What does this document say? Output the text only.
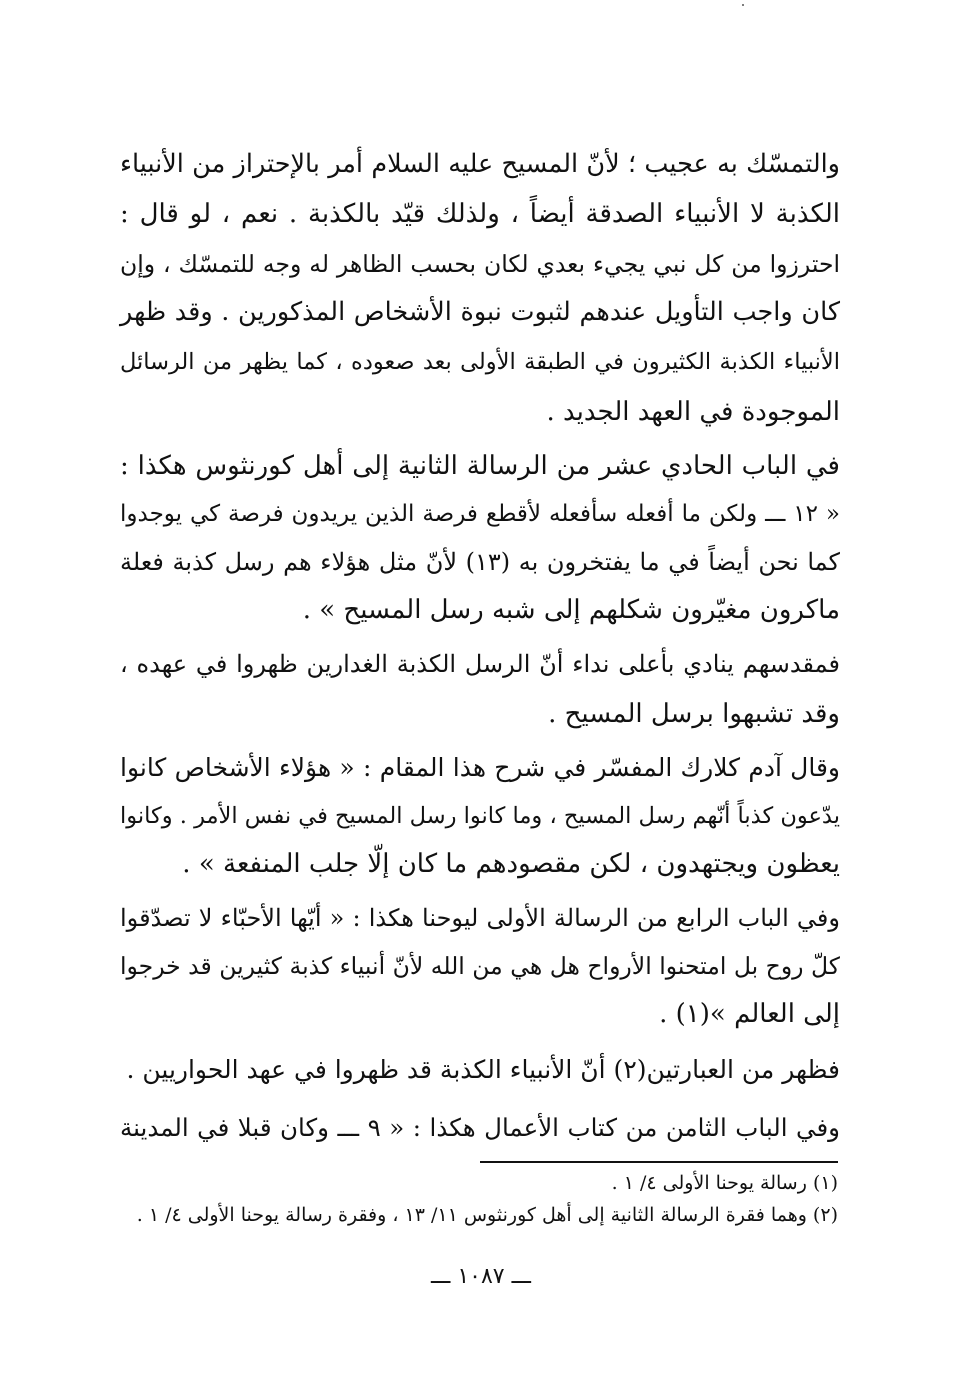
والتمسّك به عجيب ؛ لأنّ المسيح عليه السلام أمر بالإحتراز من الأنبياء
الكذبة لا الأنبياء الصدقة أيضاً ، ولذلك قيّد بالكذبة . نعم ، لو قال :
احترزوا من كل نبي يجيء بعدي لكان بحسب الظاهر له وجه للتمسّك ، وإن
كان واجب التأويل عندهم لثبوت نبوة الأشخاص المذكورين . وقد ظهر
الأنبياء الكذبة الكثيرون في الطبقة الأولى بعد صعوده ، كما يظهر من الرسائل
الموجودة في العهد الجديد .
في الباب الحادي عشر من الرسالة الثانية إلى أهل كورنثوس هكذا :
« ١٢ ـــ ولكن ما أفعله سأفعله لأقطع فرصة الذين يريدون فرصة كي يوجدوا
كما نحن أيضاً في ما يفتخرون به (١٣) لأنّ مثل هؤلاء هم رسل كذبة فعلة
ماكرون مغيّرون شكلهم إلى شبه رسل المسيح » .
فمقدسهم ينادي بأعلى نداء أنّ الرسل الكذبة الغدارين ظهروا في عهده ،
وقد تشبهوا برسل المسيح .
وقال آدم كلارك المفسّر في شرح هذا المقام : « هؤلاء الأشخاص كانوا
يدّعون كذباً أنّهم رسل المسيح ، وما كانوا رسل المسيح في نفس الأمر . وكانوا
يعظون ويجتهدون ، لكن مقصودهم ما كان إلّا جلب المنفعة » .
وفي الباب الرابع من الرسالة الأولى ليوحنا هكذا : « أيّها الأحبّاء لا تصدّقوا
كلّ روح بل امتحنوا الأرواح هل هي من الله لأنّ أنبياء كذبة كثيرين قد خرجوا
إلى العالم »(١) .
فظهر من العبارتين(٢) أنّ الأنبياء الكذبة قد ظهروا في عهد الحواريين .
وفي الباب الثامن من كتاب الأعمال هكذا : « ٩ ـــ وكان قبلا في المدينة
(١) رسالة يوحنا الأولى ٤/ ١ .
(٢) وهما فقرة الرسالة الثانية إلى أهل كورنثوس ١١/ ١٣ ، وفقرة رسالة يوحنا الأولى ٤/ ١ .
ـــ ١٠٨٧ ـــ
